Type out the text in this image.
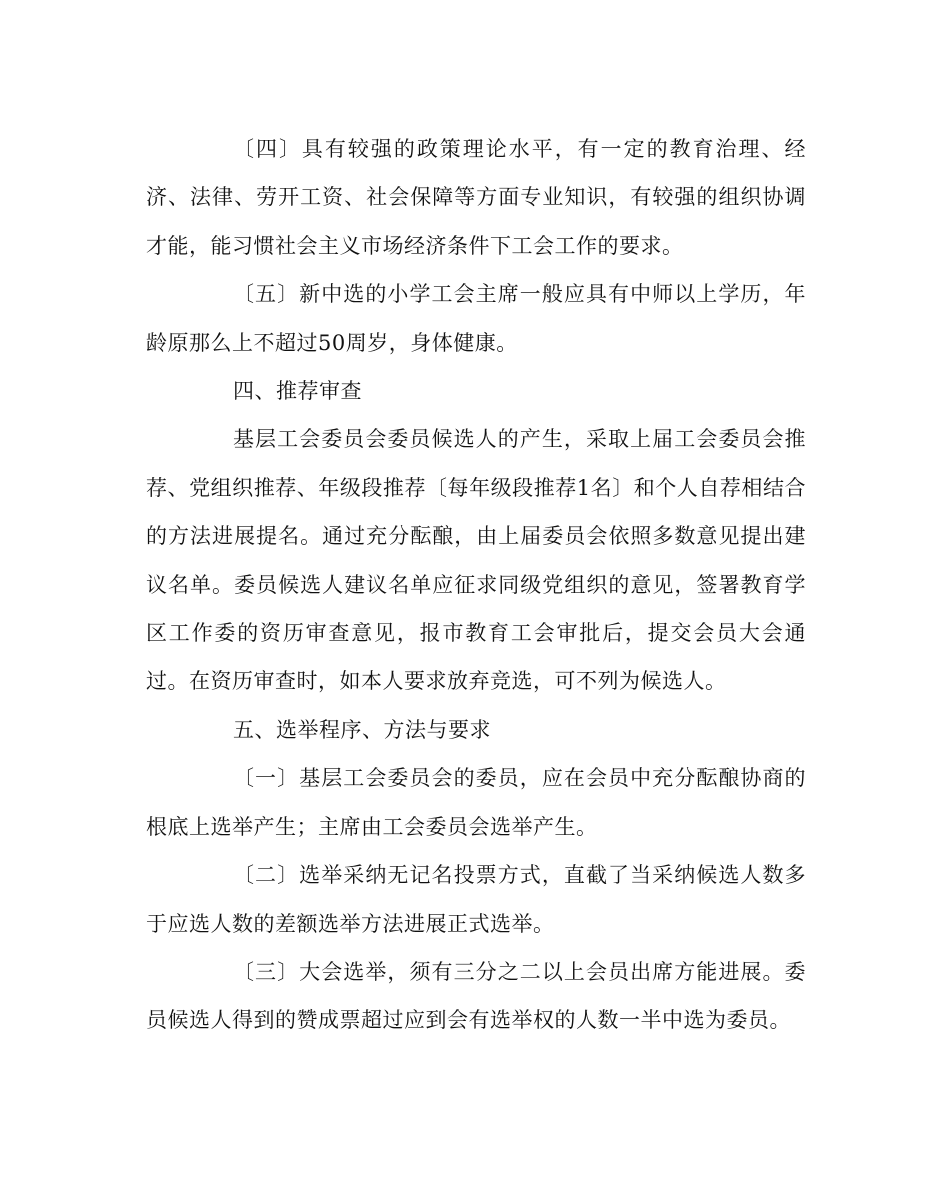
〔四〕具有较强的政策理论水平，有一定的教育治理、经济、法律、劳开工资、社会保障等方面专业知识，有较强的组织协调才能，能习惯社会主义市场经济条件下工会工作的要求。

〔五〕新中选的小学工会主席一般应具有中师以上学历，年龄原那么上不超过50周岁，身体健康。

四、推荐审查

基层工会委员会委员候选人的产生，采取上届工会委员会推荐、党组织推荐、年级段推荐〔每年级段推荐1名〕和个人自荐相结合的方法进展提名。通过充分酝酿，由上届委员会依照多数意见提出建议名单。委员候选人建议名单应征求同级党组织的意见，签署教育学区工作委的资历审查意见，报市教育工会审批后，提交会员大会通过。在资历审查时，如本人要求放弃竞选，可不列为候选人。

五、选举程序、方法与要求

〔一〕基层工会委员会的委员，应在会员中充分酝酿协商的根底上选举产生；主席由工会委员会选举产生。

〔二〕选举采纳无记名投票方式，直截了当采纳候选人数多于应选人数的差额选举方法进展正式选举。

〔三〕大会选举，须有三分之二以上会员出席方能进展。委员候选人得到的赞成票超过应到会有选举权的人数一半中选为委员。
